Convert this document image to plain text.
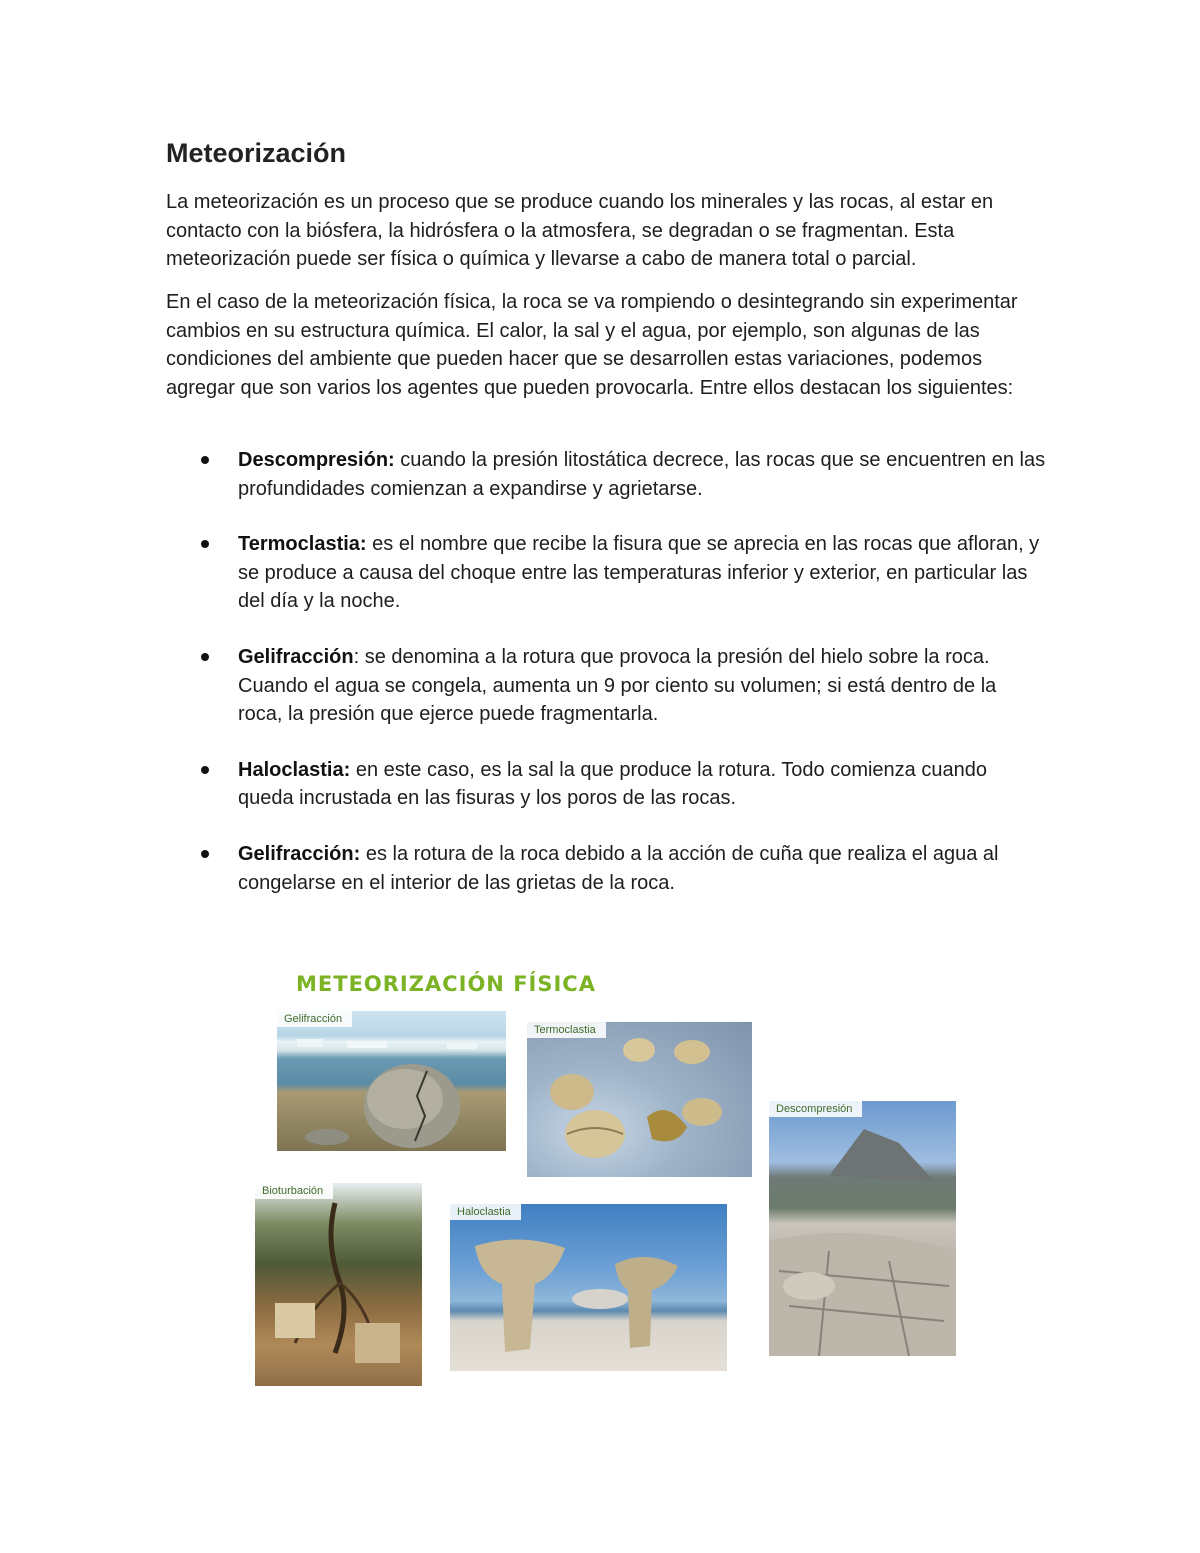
Meteorización

La meteorización es un proceso que se produce cuando los minerales y las rocas, al estar en contacto con la biósfera, la hidrósfera o la atmosfera, se degradan o se fragmentan. Esta meteorización puede ser física o química y llevarse a cabo de manera total o parcial.

En el caso de la meteorización física, la roca se va rompiendo o desintegrando sin experimentar cambios en su estructura química. El calor, la sal y el agua, por ejemplo, son algunas de las condiciones del ambiente que pueden hacer que se desarrollen estas variaciones, podemos agregar que son varios los agentes que pueden provocarla. Entre ellos destacan los siguientes:

Descompresión: cuando la presión litostática decrece, las rocas que se encuentren en las profundidades comienzan a expandirse y agrietarse.
Termoclastia: es el nombre que recibe la fisura que se aprecia en las rocas que afloran, y se produce a causa del choque entre las temperaturas inferior y exterior, en particular las del día y la noche.
Gelifracción: se denomina a la rotura que provoca la presión del hielo sobre la roca. Cuando el agua se congela, aumenta un 9 por ciento su volumen; si está dentro de la roca, la presión que ejerce puede fragmentarla.
Haloclastia: en este caso, es la sal la que produce la rotura. Todo comienza cuando queda incrustada en las fisuras y los poros de las rocas.
Gelifracción: es la rotura de la roca debido a la acción de cuña que realiza el agua al congelarse en el interior de las grietas de la roca.
METEORIZACIÓN FÍSICA
Gelifracción
Termoclastia
Descompresión
Bioturbación
Haloclastia
